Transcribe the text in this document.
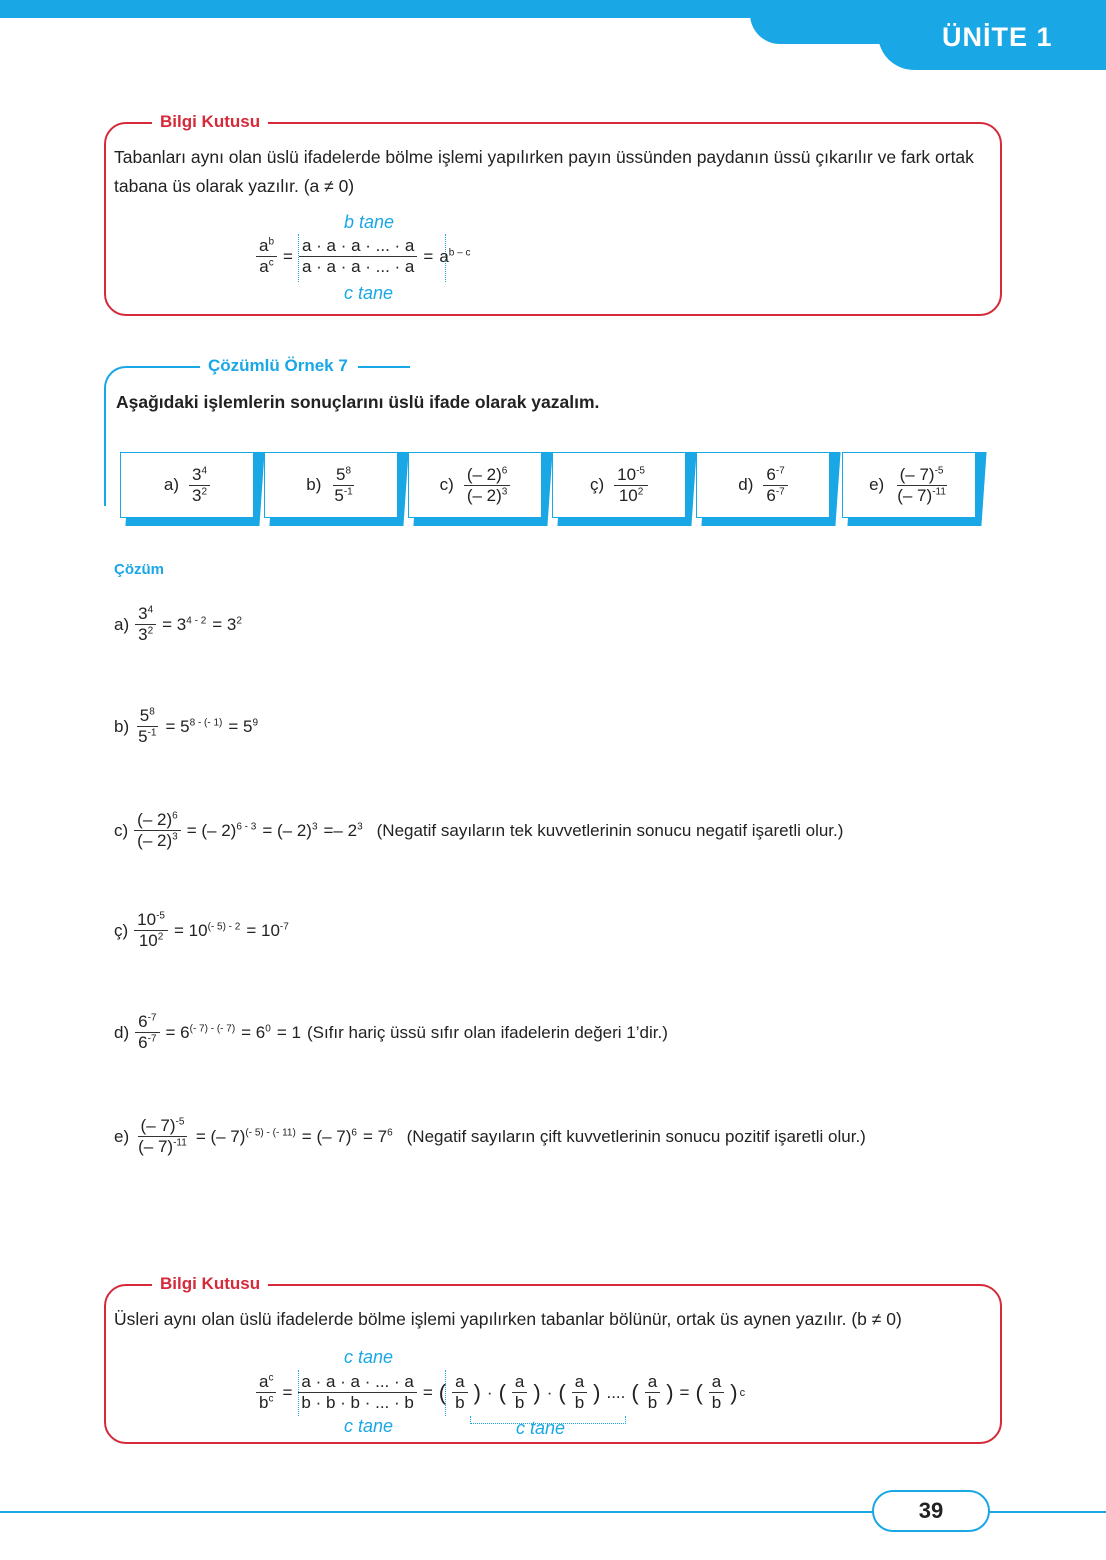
ÜNİTE 1
Bilgi Kutusu
Tabanları aynı olan üslü ifadelerde bölme işlemi yapılırken payın üssünden paydanın üssü çıkarılır ve fark ortak tabana üs olarak yazılır. (a ≠ 0)
b tane
$\frac{a^b}{a^c} = \frac{a \cdot a \cdot a \cdot ... \cdot a}{a \cdot a \cdot a \cdot ... \cdot a} = a^{b - c}$
c tane
Çözümlü Örnek 7
Aşağıdaki işlemlerin sonuçlarını üslü ifade olarak yazalım.
$a) \frac{3^4}{3^2}$	$b) \frac{5^8}{5^{-1}}$	$c) \frac{(- 2)^6}{(- 2)^3}$	ç) $\frac{10^{-5}}{10^2}$	$d) \frac{6^{-7}}{6^{-7}}$	$e) \frac{(- 7)^{-5}}{(- 7)^{-11}}$
Çözüm
$a) \frac{3^4}{3^2} = 3^{4 - 2} = 3^2$
$b) \frac{5^8}{5^{-1}} = 5^{8 - (- 1)} = 5^9$
$c) \frac{(- 2)^6}{(- 2)^3}$ = (– 2)$^{6 - 3}$ = (– $2)^3 =- 2^3$ (Negatif sayıların tek kuvvetlerinin sonucu negatif işaretli olur.)
ç) $\frac{10^{-5}}{10^2} = 10^{(- 5) - 2} = 10^{-7}$
$d) \frac{6^{-7}}{6^{-7}} = 6^{(- 7) - (- 7)} = 6^0 = 1$ (Sıfır hariç üssü sıfır olan ifadelerin değeri 1’dir.)
$e) \frac{(- 7)^{-5}}{(- 7)^{-11}}$ = (– 7)$^{(- 5) - (- 11)}$ = (– $7)^6 = 7^6$ (Negatif sayıların çift kuvvetlerinin sonucu pozitif işaretli olur.)
Bilgi Kutusu
Üsleri aynı olan üslü ifadelerde bölme işlemi yapılırken tabanlar bölünür, ortak üs aynen yazılır. (b ≠ 0)
c tane
$\frac{a^c}{b^c} = \frac{a \cdot a \cdot a \cdot ... \cdot a}{b \cdot b \cdot b \cdot ... \cdot b}$ = ( $\frac{a}{b}$ ) · ( $\frac{a}{b}$ ) · ( $\frac{a}{b}$ ) .... ( $\frac{a}{b}$ ) = ( $\frac{a}{b}$ ) c
c tane	c tane
39
